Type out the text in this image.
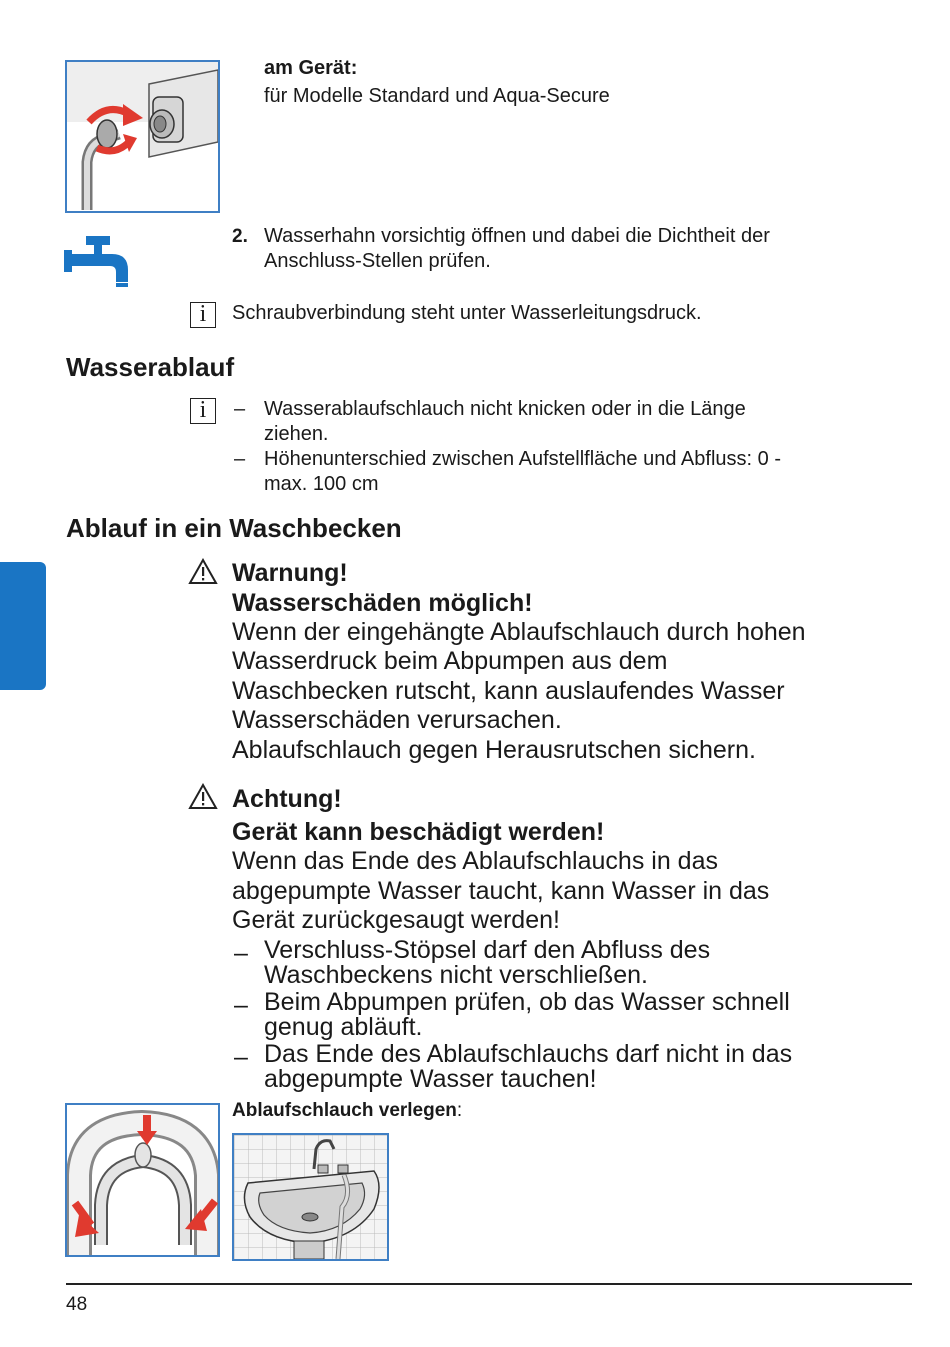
am Gerät:
für Modelle Standard und Aqua-Secure
2. Wasserhahn vorsichtig öffnen und dabei die Dichtheit der
Anschluss-Stellen prüfen.
i	Schraubverbindung steht unter Wasserleitungsdruck.
Wasserablauf
i	– Wasserablaufschlauch nicht knicken oder in die Länge
ziehen.
– Höhenunterschied zwischen Aufstellfläche und Abfluss: 0 -
max. 100 cm
Ablauf in ein Waschbecken
Warnung!
Wasserschäden möglich!
Wenn der eingehängte Ablaufschlauch durch hohen
Wasserdruck beim Abpumpen aus dem
Waschbecken rutscht, kann auslaufendes Wasser
Wasserschäden verursachen.
Ablaufschlauch gegen Herausrutschen sichern.
Achtung!
Gerät kann beschädigt werden!
Wenn das Ende des Ablaufschlauchs in das
abgepumpte Wasser taucht, kann Wasser in das
Gerät zurückgesaugt werden!
– Verschluss-Stöpsel darf den Abfluss des
Waschbeckens nicht verschließen.
– Beim Abpumpen prüfen, ob das Wasser schnell
genug abläuft.
– Das Ende des Ablaufschlauchs darf nicht in das
abgepumpte Wasser tauchen!
Ablaufschlauch verlegen:
48
